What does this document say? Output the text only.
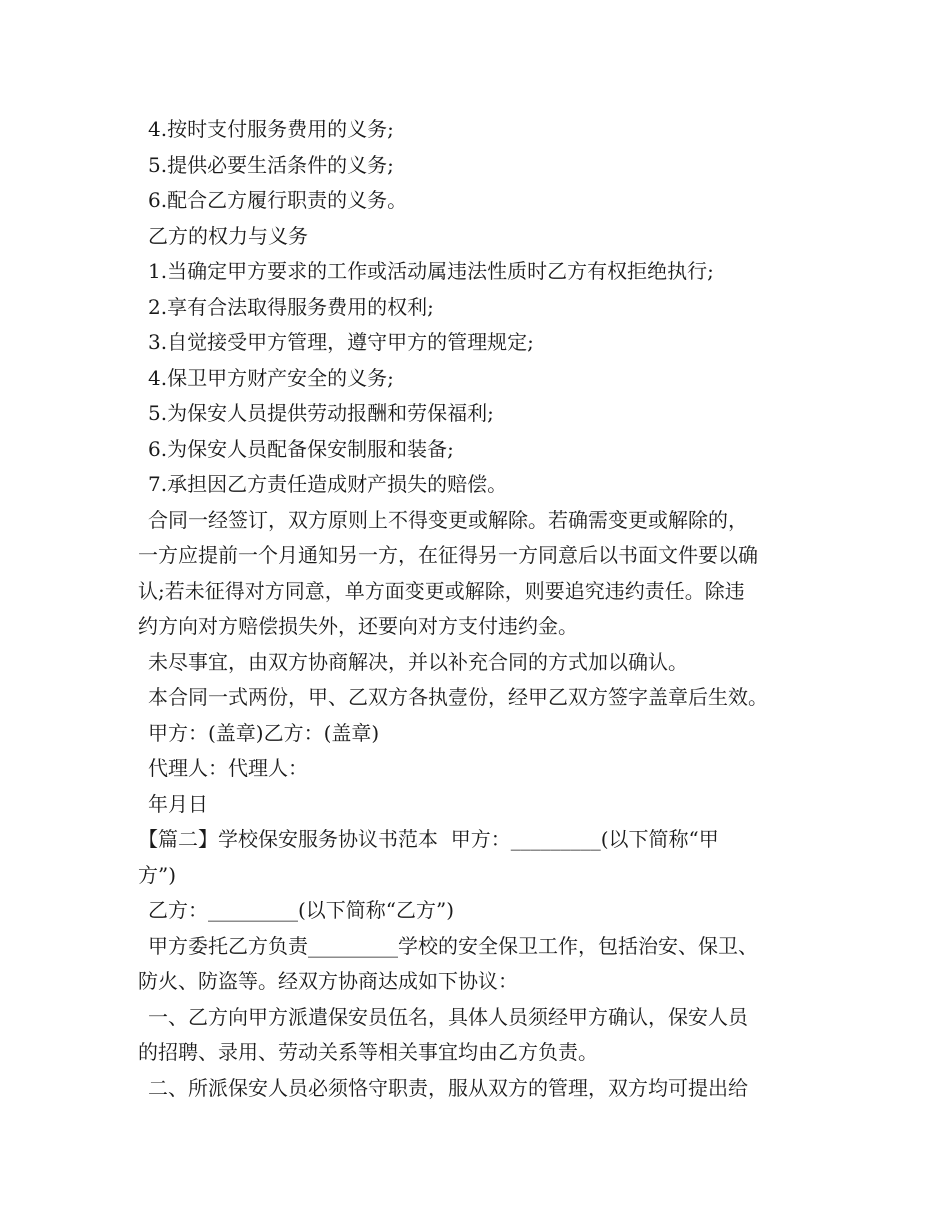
4.按时支付服务费用的义务;
5.提供必要生活条件的义务;
6.配合乙方履行职责的义务。
乙方的权力与义务
1.当确定甲方要求的工作或活动属违法性质时乙方有权拒绝执行;
2.享有合法取得服务费用的权利;
3.自觉接受甲方管理，遵守甲方的管理规定;
4.保卫甲方财产安全的义务;
5.为保安人员提供劳动报酬和劳保福利;
6.为保安人员配备保安制服和装备;
7.承担因乙方责任造成财产损失的赔偿。
合同一经签订，双方原则上不得变更或解除。若确需变更或解除的，
一方应提前一个月通知另一方，在征得另一方同意后以书面文件要以确
认;若未征得对方同意，单方面变更或解除，则要追究违约责任。除违
约方向对方赔偿损失外，还要向对方支付违约金。
未尽事宜，由双方协商解决，并以补充合同的方式加以确认。
本合同一式两份，甲、乙双方各执壹份，经甲乙双方签字盖章后生效。
甲方：(盖章)乙方：(盖章)
代理人：代理人：
年月日
【篇二】学校保安服务协议书范本  甲方：_________(以下简称“甲
方”)
乙方：_________(以下简称“乙方”)
甲方委托乙方负责_________学校的安全保卫工作，包括治安、保卫、
防火、防盗等。经双方协商达成如下协议：
一、乙方向甲方派遣保安员伍名，具体人员须经甲方确认，保安人员
的招聘、录用、劳动关系等相关事宜均由乙方负责。
二、所派保安人员必须恪守职责，服从双方的管理，双方均可提出给
